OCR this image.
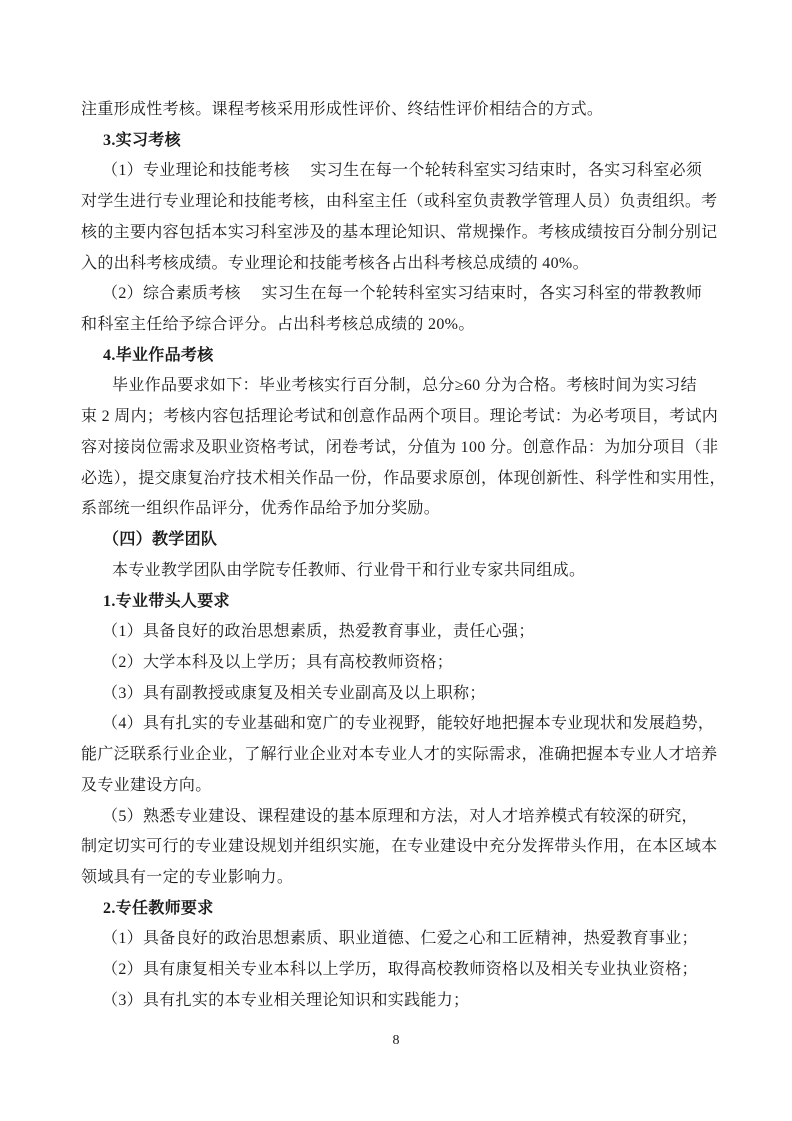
注重形成性考核。课程考核采用形成性评价、终结性评价相结合的方式。
3.实习考核
（1）专业理论和技能考核　 实习生在每一个轮转科室实习结束时，各实习科室必须
对学生进行专业理论和技能考核，由科室主任（或科室负责教学管理人员）负责组织。考
核的主要内容包括本实习科室涉及的基本理论知识、常规操作。考核成绩按百分制分别记
入的出科考核成绩。专业理论和技能考核各占出科考核总成绩的 40%。
（2）综合素质考核　 实习生在每一个轮转科室实习结束时，各实习科室的带教教师
和科室主任给予综合评分。占出科考核总成绩的 20%。
4.毕业作品考核
毕业作品要求如下：毕业考核实行百分制，总分≥60 分为合格。考核时间为实习结
束 2 周内；考核内容包括理论考试和创意作品两个项目。理论考试：为必考项目，考试内
容对接岗位需求及职业资格考试，闭卷考试，分值为 100 分。创意作品：为加分项目（非
必选），提交康复治疗技术相关作品一份，作品要求原创，体现创新性、科学性和实用性，
系部统一组织作品评分，优秀作品给予加分奖励。
（四）教学团队
本专业教学团队由学院专任教师、行业骨干和行业专家共同组成。
1.专业带头人要求
（1）具备良好的政治思想素质，热爱教育事业，责任心强；
（2）大学本科及以上学历；具有高校教师资格；
（3）具有副教授或康复及相关专业副高及以上职称；
（4）具有扎实的专业基础和宽广的专业视野，能较好地把握本专业现状和发展趋势，
能广泛联系行业企业，了解行业企业对本专业人才的实际需求，准确把握本专业人才培养
及专业建设方向。
（5）熟悉专业建设、课程建设的基本原理和方法，对人才培养模式有较深的研究，
制定切实可行的专业建设规划并组织实施，在专业建设中充分发挥带头作用，在本区域本
领域具有一定的专业影响力。
2.专任教师要求
（1）具备良好的政治思想素质、职业道德、仁爱之心和工匠精神，热爱教育事业；
（2）具有康复相关专业本科以上学历，取得高校教师资格以及相关专业执业资格；
（3）具有扎实的本专业相关理论知识和实践能力；
8
